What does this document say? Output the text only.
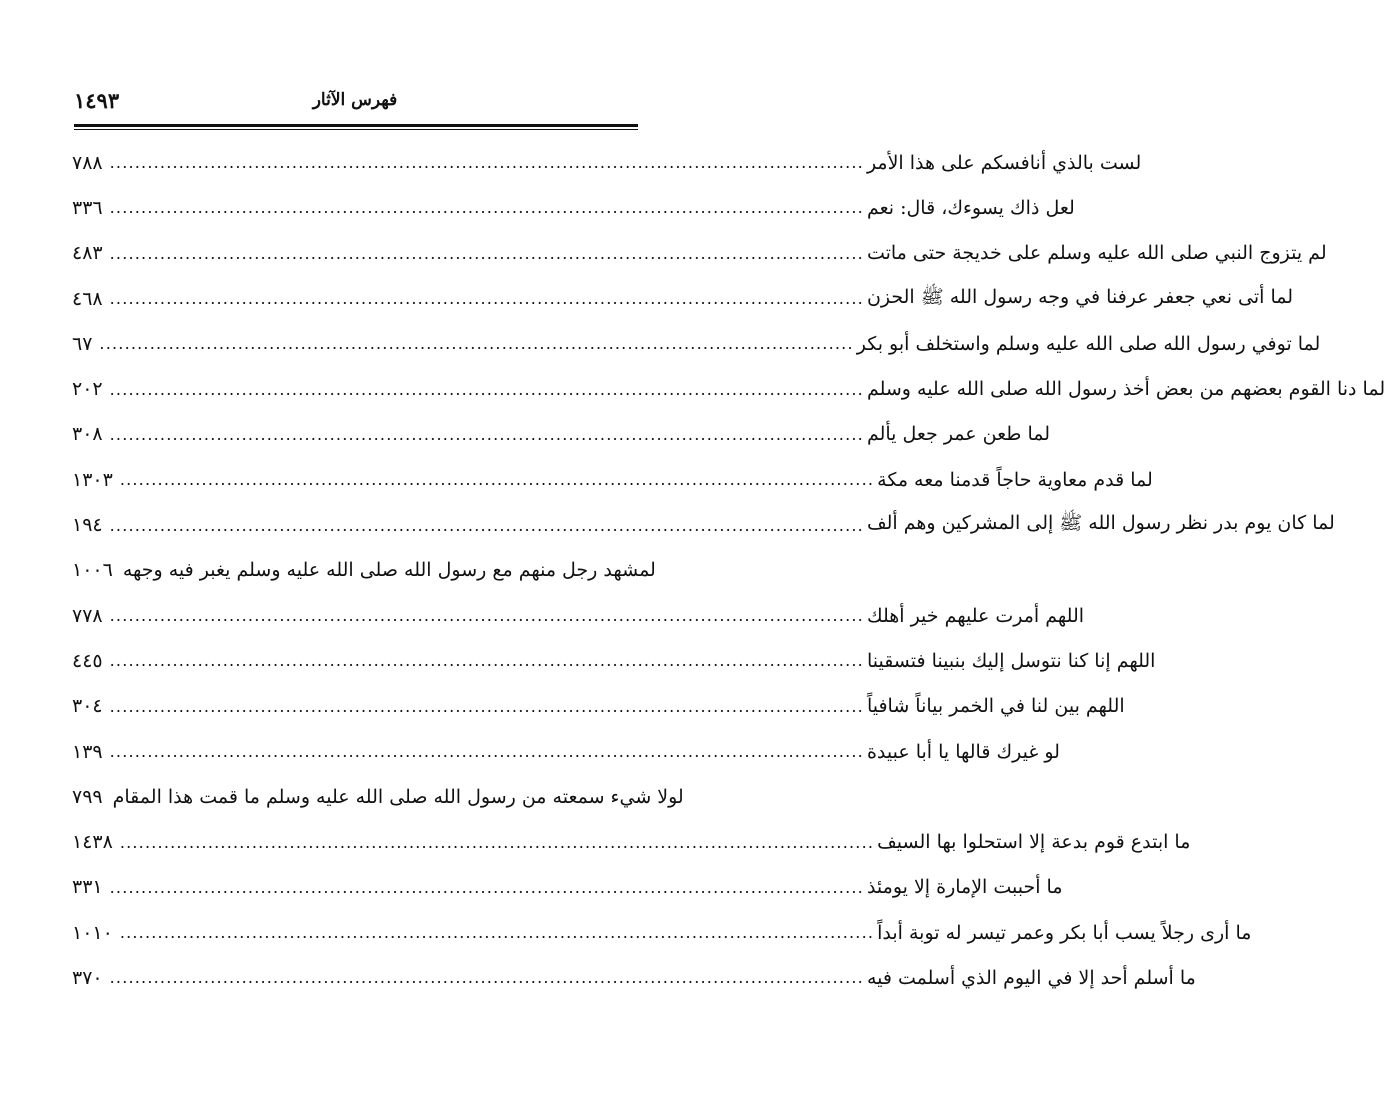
١٤٩٣	فهرس الآثار
٧٨٨ ........................................................................................................................ لست بالذي أنافسكم على هذا الأمر
٣٣٦ ........................................................................................................................ لعل ذاك يسوءك، قال: نعم
٤٨٣ ........................................................................................................................ لم يتزوج النبي صلى الله عليه وسلم على خديجة حتى ماتت
٤٦٨ ........................................................................................................................ لما أتى نعي جعفر عرفنا في وجه رسول الله ﷺ الحزن
٦٧ ........................................................................................................................ لما توفي رسول الله صلى الله عليه وسلم واستخلف أبو بكر
٢٠٢ ........................................................................................................................ لما دنا القوم بعضهم من بعض أخذ رسول الله صلى الله عليه وسلم
٣٠٨ ........................................................................................................................ لما طعن عمر جعل يألم
١٣٠٣ ........................................................................................................................ لما قدم معاوية حاجاً قدمنا معه مكة
١٩٤ ........................................................................................................................ لما كان يوم بدر نظر رسول الله ﷺ إلى المشركين وهم ألف
١٠٠٦ لمشهد رجل منهم مع رسول الله صلى الله عليه وسلم يغبر فيه وجهه
٧٧٨ ........................................................................................................................ اللهم أمرت عليهم خير أهلك
٤٤٥ ........................................................................................................................ اللهم إنا كنا نتوسل إليك بنبينا فتسقينا
٣٠٤ ........................................................................................................................ اللهم بين لنا في الخمر بياناً شافياً
١٣٩ ........................................................................................................................ لو غيرك قالها يا أبا عبيدة
٧٩٩ لولا شيء سمعته من رسول الله صلى الله عليه وسلم ما قمت هذا المقام
١٤٣٨ ........................................................................................................................ ما ابتدع قوم بدعة إلا استحلوا بها السيف
٣٣١ ........................................................................................................................ ما أحببت الإمارة إلا يومئذ
١٠١٠ ........................................................................................................................ ما أرى رجلاً يسب أبا بكر وعمر تيسر له توبة أبداً
٣٧٠ ........................................................................................................................ ما أسلم أحد إلا في اليوم الذي أسلمت فيه
